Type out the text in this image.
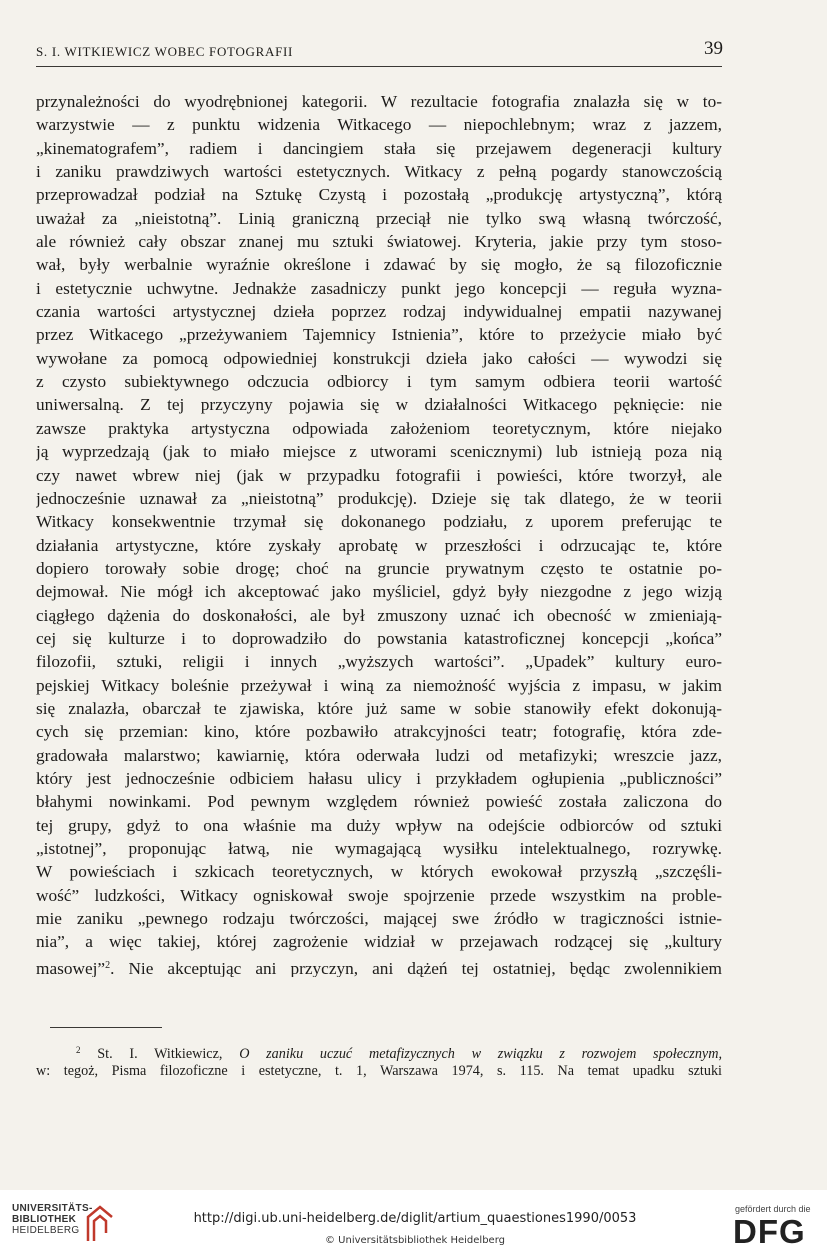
S. I. WITKIEWICZ WOBEC FOTOGRAFII	39
przynależności do wyodrębnionej kategorii. W rezultacie fotografia znalazła się w to-
warzystwie — z punktu widzenia Witkacego — niepochlebnym; wraz z jazzem,
„kinematografem”, radiem i dancingiem stała się przejawem degeneracji kultury
i zaniku prawdziwych wartości estetycznych. Witkacy z pełną pogardy stanowczością
przeprowadzał podział na Sztukę Czystą i pozostałą „produkcję artystyczną”, którą
uważał za „nieistotną”. Linią graniczną przeciął nie tylko swą własną twórczość,
ale również cały obszar znanej mu sztuki światowej. Kryteria, jakie przy tym stoso-
wał, były werbalnie wyraźnie określone i zdawać by się mogło, że są filozoficznie
i estetycznie uchwytne. Jednakże zasadniczy punkt jego koncepcji — reguła wyzna-
czania wartości artystycznej dzieła poprzez rodzaj indywidualnej empatii nazywanej
przez Witkacego „przeżywaniem Tajemnicy Istnienia”, które to przeżycie miało być
wywołane za pomocą odpowiedniej konstrukcji dzieła jako całości — wywodzi się
z czysto subiektywnego odczucia odbiorcy i tym samym odbiera teorii wartość
uniwersalną. Z tej przyczyny pojawia się w działalności Witkacego pęknięcie: nie
zawsze praktyka artystyczna odpowiada założeniom teoretycznym, które niejako
ją wyprzedzają (jak to miało miejsce z utworami scenicznymi) lub istnieją poza nią
czy nawet wbrew niej (jak w przypadku fotografii i powieści, które tworzył, ale
jednocześnie uznawał za „nieistotną” produkcję). Dzieje się tak dlatego, że w teorii
Witkacy konsekwentnie trzymał się dokonanego podziału, z uporem preferując te
działania artystyczne, które zyskały aprobatę w przeszłości i odrzucając te, które
dopiero torowały sobie drogę; choć na gruncie prywatnym często te ostatnie po-
dejmował. Nie mógł ich akceptować jako myśliciel, gdyż były niezgodne z jego wizją
ciągłego dążenia do doskonałości, ale był zmuszony uznać ich obecność w zmieniają-
cej się kulturze i to doprowadziło do powstania katastroficznej koncepcji „końca”
filozofii, sztuki, religii i innych „wyższych wartości”. „Upadek” kultury euro-
pejskiej Witkacy boleśnie przeżywał i winą za niemożność wyjścia z impasu, w jakim
się znalazła, obarczał te zjawiska, które już same w sobie stanowiły efekt dokonują-
cych się przemian: kino, które pozbawiło atrakcyjności teatr; fotografię, która zde-
gradowała malarstwo; kawiarnię, która oderwała ludzi od metafizyki; wreszcie jazz,
który jest jednocześnie odbiciem hałasu ulicy i przykładem ogłupienia „publiczności”
błahymi nowinkami. Pod pewnym względem również powieść została zaliczona do
tej grupy, gdyż to ona właśnie ma duży wpływ na odejście odbiorców od sztuki
„istotnej”, proponując łatwą, nie wymagającą wysiłku intelektualnego, rozrywkę.
W powieściach i szkicach teoretycznych, w których ewokował przyszłą „szczęśli-
wość” ludzkości, Witkacy ogniskował swoje spojrzenie przede wszystkim na proble-
mie zaniku „pewnego rodzaju twórczości, mającej swe źródło w tragiczności istnie-
nia”, a więc takiej, której zagrożenie widział w przejawach rodzącej się „kultury
masowej”$^2$. Nie akceptując ani przyczyn, ani dążeń tej ostatniej, będąc zwolennikiem
$^2$ St. I. Witkiewicz, O zaniku uczuć metafizycznych w związku z rozwojem społecznym,
w: tegoż, Pisma filozoficzne i estetyczne, t. 1, Warszawa 1974, s. 115. Na temat upadku sztuki
UNIVERSITÄTS-
BIBLIOTHEK
HEIDELBERG
http://digi.ub.uni-heidelberg.de/diglit/artium_quaestiones1990/0053
© Universitätsbibliothek Heidelberg
gefördert durch die
DFG
